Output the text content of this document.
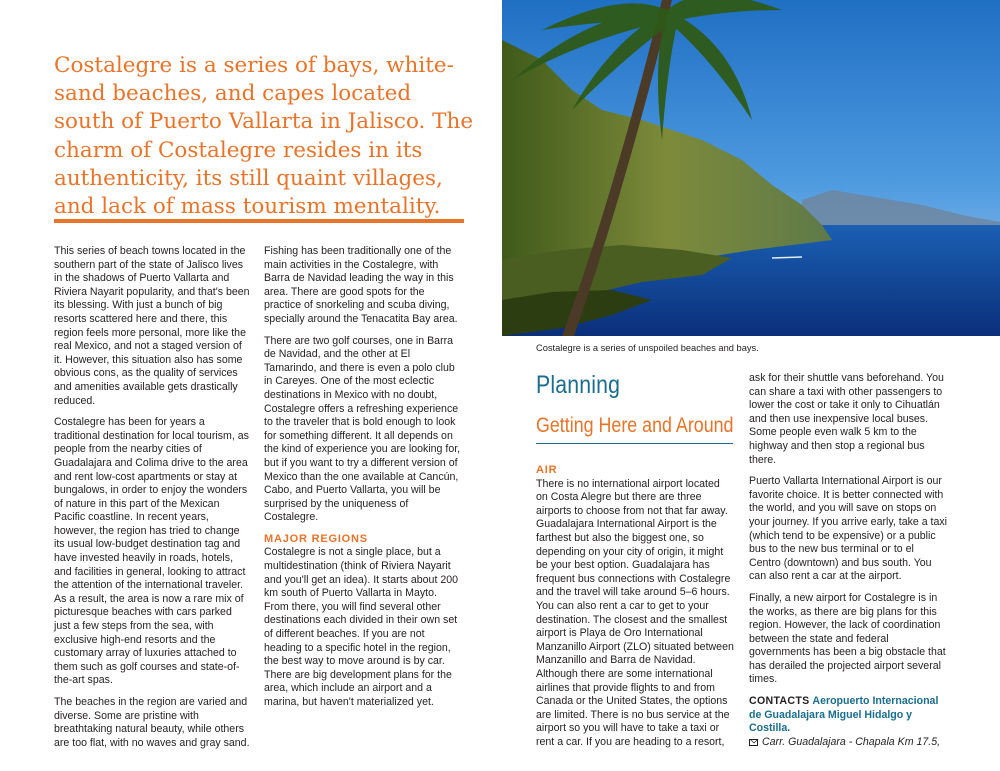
Costalegre is a series of bays, white-sand beaches, and capes located south of Puerto Vallarta in Jalisco. The charm of Costalegre resides in its authenticity, its still quaint villages, and lack of mass tourism mentality.

This series of beach towns located in the southern part of the state of Jalisco lives in the shadows of Puerto Vallarta and Riviera Nayarit popularity, and that's been its blessing. With just a bunch of big resorts scattered here and there, this region feels more personal, more like the real Mexico, and not a staged version of it. However, this situation also has some obvious cons, as the quality of services and amenities available gets drastically reduced.

Costalegre has been for years a traditional destination for local tourism, as people from the nearby cities of Guadalajara and Colima drive to the area and rent low-cost apartments or stay at bungalows, in order to enjoy the wonders of nature in this part of the Mexican Pacific coastline. In recent years, however, the region has tried to change its usual low-budget destination tag and have invested heavily in roads, hotels, and facilities in general, looking to attract the attention of the international traveler. As a result, the area is now a rare mix of picturesque beaches with cars parked just a few steps from the sea, with exclusive high-end resorts and the customary array of luxuries attached to them such as golf courses and state-of-the-art spas.

The beaches in the region are varied and diverse. Some are pristine with breathtaking natural beauty, while others are too flat, with no waves and gray sand.

Fishing has been traditionally one of the main activities in the Costalegre, with Barra de Navidad leading the way in this area. There are good spots for the practice of snorkeling and scuba diving, specially around the Tenacatita Bay area.

There are two golf courses, one in Barra de Navidad, and the other at El Tamarindo, and there is even a polo club in Careyes. One of the most eclectic destinations in Mexico with no doubt, Costalegre offers a refreshing experience to the traveler that is bold enough to look for something different. It all depends on the kind of experience you are looking for, but if you want to try a different version of Mexico than the one available at Cancún, Cabo, and Puerto Vallarta, you will be surprised by the uniqueness of Costalegre.

MAJOR REGIONS

Costalegre is not a single place, but a multidestination (think of Riviera Nayarit and you'll get an idea). It starts about 200 km south of Puerto Vallarta in Mayto. From there, you will find several other destinations each divided in their own set of different beaches. If you are not heading to a specific hotel in the region, the best way to move around is by car. There are big development plans for the area, which include an airport and a marina, but haven't materialized yet.

Costalegre is a series of unspoiled beaches and bays.
Planning
Getting Here and Around
AIR

There is no international airport located on Costa Alegre but there are three airports to choose from not that far away. Guadalajara International Airport is the farthest but also the biggest one, so depending on your city of origin, it might be your best option. Guadalajara has frequent bus connections with Costalegre and the travel will take around 5–6 hours. You can also rent a car to get to your destination. The closest and the smallest airport is Playa de Oro International Manzanillo Airport (ZLO) situated between Manzanillo and Barra de Navidad. Although there are some international airlines that provide flights to and from Canada or the United States, the options are limited. There is no bus service at the airport so you will have to take a taxi or rent a car. If you are heading to a resort,

ask for their shuttle vans beforehand. You can share a taxi with other passengers to lower the cost or take it only to Cihuatlán and then use inexpensive local buses. Some people even walk 5 km to the highway and then stop a regional bus there.

Puerto Vallarta International Airport is our favorite choice. It is better connected with the world, and you will save on stops on your journey. If you arrive early, take a taxi (which tend to be expensive) or a public bus to the new bus terminal or to el Centro (downtown) and bus south. You can also rent a car at the airport.

Finally, a new airport for Costalegre is in the works, as there are big plans for this region. However, the lack of coordination between the state and federal governments has been a big obstacle that has derailed the projected airport several times.

CONTACTS Aeropuerto Internacional de Guadalajara Miguel Hidalgo y Costilla.
Carr. Guadalajara - Chapala Km 17.5,
